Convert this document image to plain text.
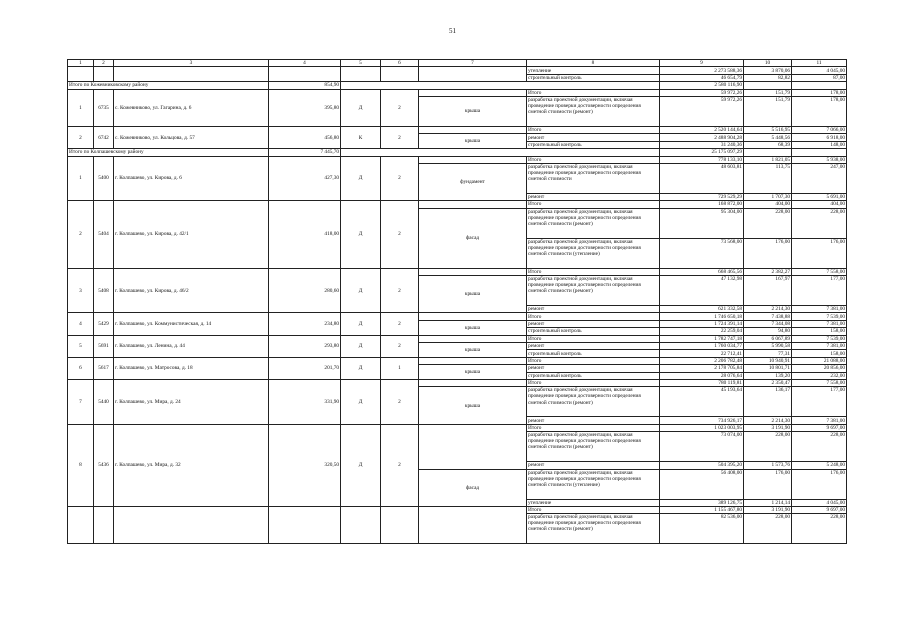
51
1	2	3	4	5	6	7	8	9	10	11
							утепление	2 273 588,36	3 870,06	4 045,00
							строительный контроль	46 654,79	82,82	87,00
Итого по Кожевниковскому району			854,90					2 580 116,90		
1	6735	с. Кожевниково, ул. Гагарина, д. 6	395,80	Д	2		Итого	59 972,26	151,79	178,00
						крыша	разработка проектной документации, включая проведение проверки достоверности определения сметной стоимости (ремонт)	59 972,26	151,79	178,00
2	6742	с. Кожевниково, ул. Кольцова, д. 57	456,80	К	2		Итого	2 520 144,64	5 516,95	7 066,00
						крыша	ремонт	2 488 904,28	5 448,56	6 918,00
							строительный контроль	31 240,36	68,39	148,00
Итого по Колпашевскому району			7 445,70					25 175 097,29		
1	5400	г. Колпашево, ул. Кирова, д. 6	427,30	Д	2		Итого	778 133,10	1 821,05	5 938,00
						фундамент	разработка проектной документации, включая проведение проверки достоверности определения сметной стоимости	48 603,81	113,75	247,00
							ремонт	729 529,29	1 707,30	5 691,00
2	5404	г. Колпашево, ул. Кирова, д. 42/1	418,00	Д	2		Итого	168 872,00	404,00	404,00
						фасад	разработка проектной документации, включая проведение проверки достоверности определения сметной стоимости (ремонт)	95 304,00	228,00	228,00
							разработка проектной документации, включая проведение проверки достоверности определения сметной стоимости (утепление)	73 568,00	176,00	176,00
3	5408	г. Колпашево, ул. Кирова, д. 46/2	280,60	Д	2		Итого	668 465,56	2 382,27	7 558,00
						крыша	разработка проектной документации, включая проведение проверки достоверности определения сметной стоимости (ремонт)	47 132,98	167,97	177,00
							ремонт	621 332,58	2 214,30	7 381,00
4	5429	г. Колпашево, ул. Коммунистическая, д. 14	234,80	Д	2		Итого	1 746 650,18	7 438,88	7 539,00
						крыша	ремонт	1 724 391,14	7 344,08	7 381,00
							строительный контроль	22 259,04	94,80	158,00
5	5691	г. Колпашево, ул. Ленина, д. 44	293,80	Д	2		Итого	1 782 747,18	6 067,89	7 539,00
						крыша	ремонт	1 760 034,77	5 990,58	7 381,00
							строительный контроль	22 712,41	77,31	158,00
6	5617	г. Колпашево, ул. Матросова, д. 18	201,70	Д	1		Итого	2 206 782,48	10 940,91	21 088,00
						крыша	ремонт	2 178 705,84	10 801,71	20 856,00
							строительный контроль	28 076,64	139,20	232,00
7	5440	г. Колпашево, ул. Мира, д. 24	331,90	Д	2		Итого	780 119,81	2 350,47	7 558,00
						крыша	разработка проектной документации, включая проведение проверки достоверности определения сметной стоимости (ремонт)	45 193,64	136,17	177,00
							ремонт	734 926,17	2 214,30	7 381,00
8	5436	г. Колпашево, ул. Мира, д. 32	320,50	Д	2		Итого	1 023 003,95	3 191,90	9 697,00
							разработка проектной документации, включая проведение проверки достоверности определения сметной стоимости (ремонт)	73 074,00	228,00	228,00
							ремонт	504 395,20	1 573,76	5 248,00
						фасад	разработка проектной документации, включая проведение проверки достоверности определения сметной стоимости (утепление)	56 408,00	176,00	176,00
							утепление	389 126,75	1 214,14	4 045,00
							Итого	1 155 467,80	3 191,90	9 697,00
							разработка проектной документации, включая проведение проверки достоверности определения сметной стоимости (ремонт)	82 536,00	228,00	228,00
